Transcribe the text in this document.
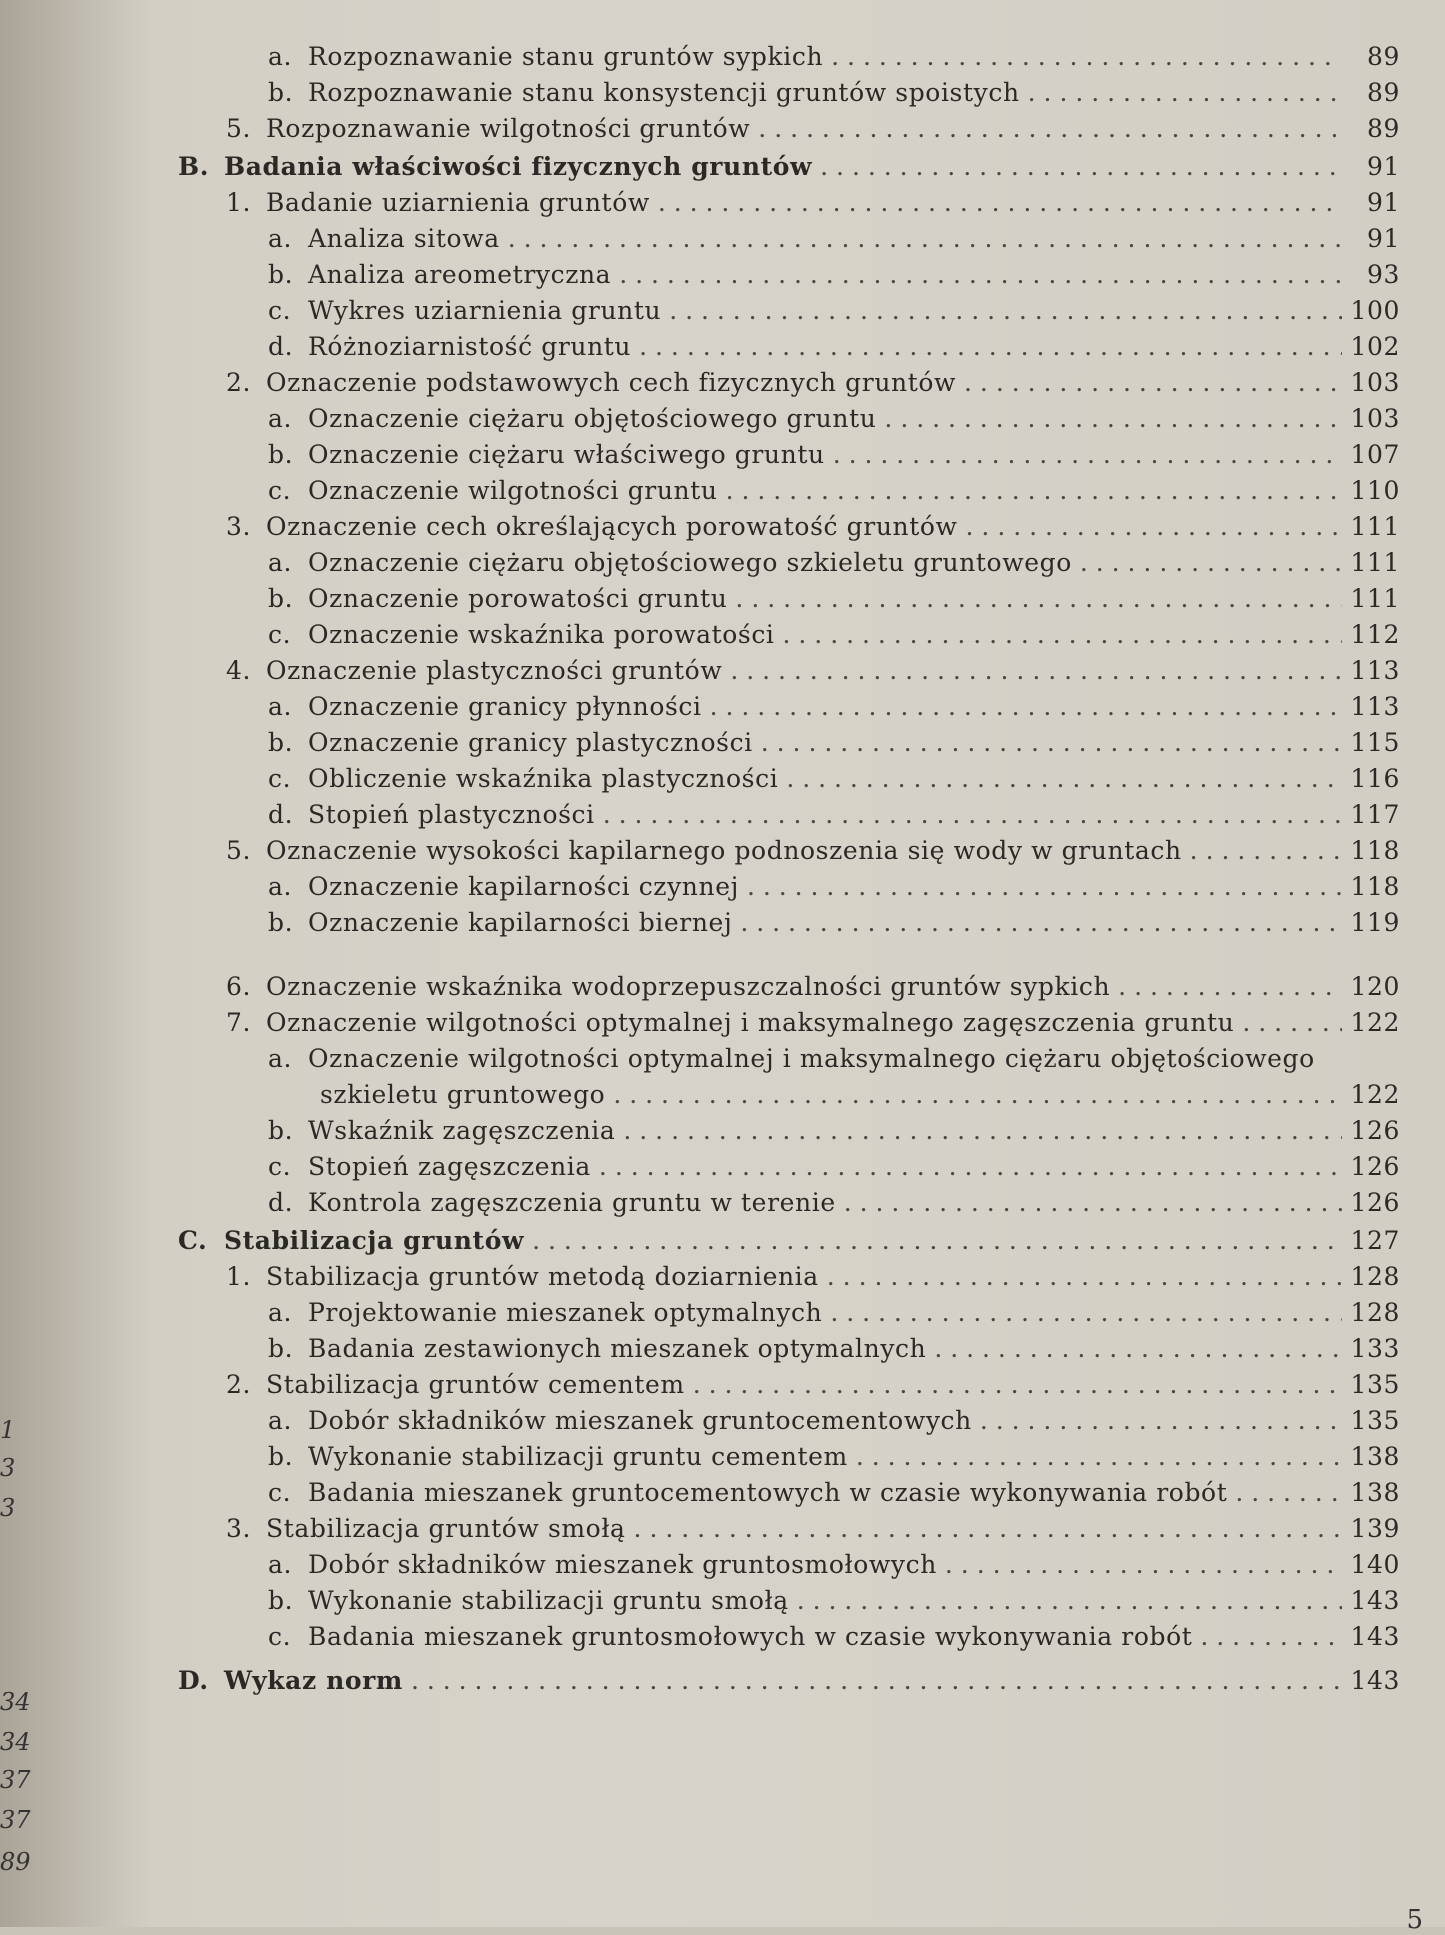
1
3
3
34
34
37
37
89
a. Rozpoznawanie stanu gruntów sypkich . . .	89
b. Rozpoznawanie stanu konsystencji gruntów spoistych . . .	89
5. Rozpoznawanie wilgotności gruntów . . .	89
B. Badania właściwości fizycznych gruntów . . .	91
1. Badanie uziarnienia gruntów . . .	91
a. Analiza sitowa . . .	91
b. Analiza areometryczna . . .	93
c. Wykres uziarnienia gruntu . . .	100
d. Różnoziarnistość gruntu . . .	102
2. Oznaczenie podstawowych cech fizycznych gruntów . . .	103
a. Oznaczenie ciężaru objętościowego gruntu . . .	103
b. Oznaczenie ciężaru właściwego gruntu . . .	107
c. Oznaczenie wilgotności gruntu . . .	110
3. Oznaczenie cech określających porowatość gruntów . . .	111
a. Oznaczenie ciężaru objętościowego szkieletu gruntowego . . .	111
b. Oznaczenie porowatości gruntu . . .	111
c. Oznaczenie wskaźnika porowatości . . .	112
4. Oznaczenie plastyczności gruntów . . .	113
a. Oznaczenie granicy płynności . . .	113
b. Oznaczenie granicy plastyczności . . .	115
c. Obliczenie wskaźnika plastyczności . . .	116
d. Stopień plastyczności . . .	117
5. Oznaczenie wysokości kapilarnego podnoszenia się wody w gruntach . . .	118
a. Oznaczenie kapilarności czynnej . . .	118
b. Oznaczenie kapilarności biernej . . .	119
6. Oznaczenie wskaźnika wodoprzepuszczalności gruntów sypkich . . .	120
7. Oznaczenie wilgotności optymalnej i maksymalnego zagęszczenia gruntu . . .	122
a. Oznaczenie wilgotności optymalnej i maksymalnego ciężaru objętościowego
szkieletu gruntowego . . .	122
b. Wskaźnik zagęszczenia . . .	126
c. Stopień zagęszczenia . . .	126
d. Kontrola zagęszczenia gruntu w terenie . . .	126
C. Stabilizacja gruntów . . .	127
1. Stabilizacja gruntów metodą doziarnienia . . .	128
a. Projektowanie mieszanek optymalnych . . .	128
b. Badania zestawionych mieszanek optymalnych . . .	133
2. Stabilizacja gruntów cementem . . .	135
a. Dobór składników mieszanek gruntocementowych . . .	135
b. Wykonanie stabilizacji gruntu cementem . . .	138
c. Badania mieszanek gruntocementowych w czasie wykonywania robót . . .	138
3. Stabilizacja gruntów smołą . . .	139
a. Dobór składników mieszanek gruntosmołowych . . .	140
b. Wykonanie stabilizacji gruntu smołą . . .	143
c. Badania mieszanek gruntosmołowych w czasie wykonywania robót . . .	143
D. Wykaz norm . . .	143
5
